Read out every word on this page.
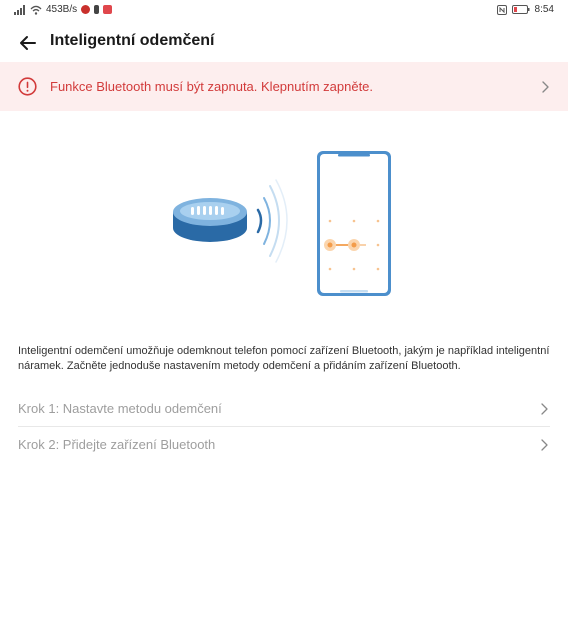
453B/s	8:54
Inteligentní odemčení
Funkce Bluetooth musí být zapnuta. Klepnutím zapněte.
Inteligentní odemčení umožňuje odemknout telefon pomocí zařízení Bluetooth, jakým je například inteligentní náramek. Začněte jednoduše nastavením metody odemčení a přidáním zařízení Bluetooth.
Krok 1: Nastavte metodu odemčení
Krok 2: Přidejte zařízení Bluetooth
